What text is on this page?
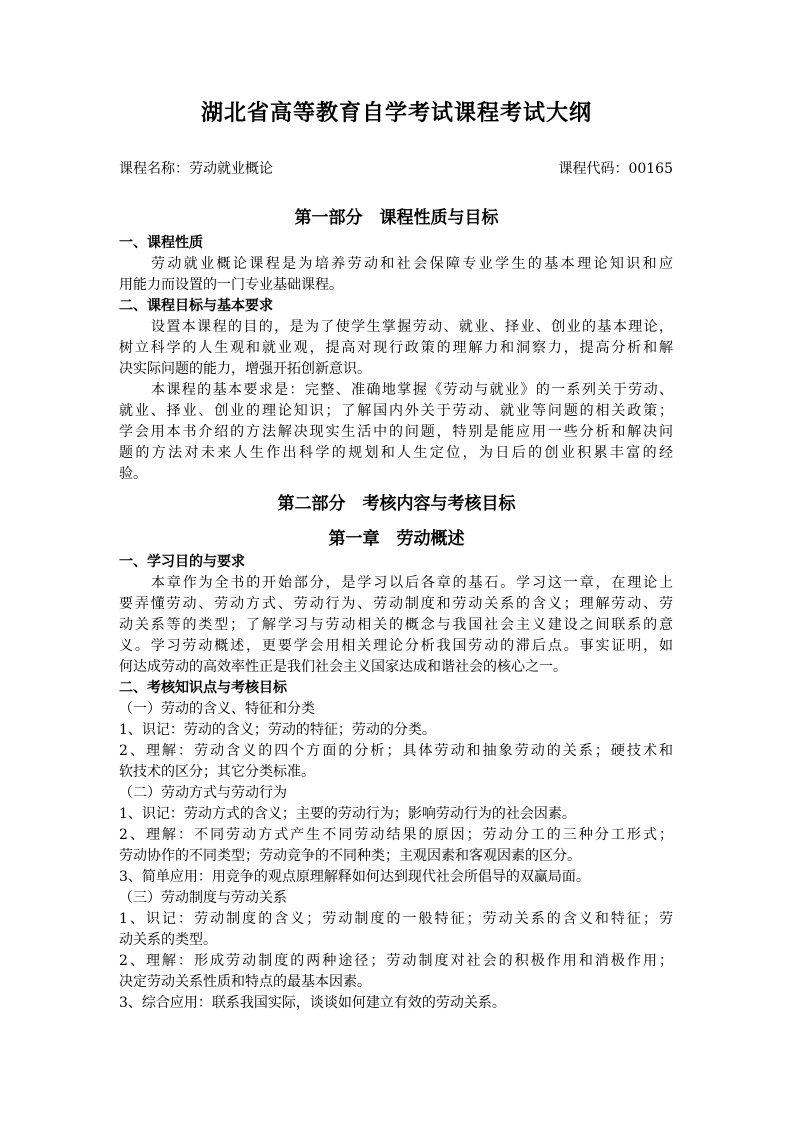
湖北省高等教育自学考试课程考试大纲
课程名称：劳动就业概论	课程代码：00165
第一部分　课程性质与目标
一、课程性质
劳动就业概论课程是为培养劳动和社会保障专业学生的基本理论知识和应
用能力而设置的一门专业基础课程。
二、课程目标与基本要求
设置本课程的目的，是为了使学生掌握劳动、就业、择业、创业的基本理论，
树立科学的人生观和就业观，提高对现行政策的理解力和洞察力，提高分析和解
决实际问题的能力，增强开拓创新意识。
本课程的基本要求是：完整、准确地掌握《劳动与就业》的一系列关于劳动、
就业、择业、创业的理论知识；了解国内外关于劳动、就业等问题的相关政策；
学会用本书介绍的方法解决现实生活中的问题，特别是能应用一些分析和解决问
题的方法对未来人生作出科学的规划和人生定位，为日后的创业积累丰富的经
验。
第二部分　考核内容与考核目标
第一章　劳动概述
一、学习目的与要求
本章作为全书的开始部分，是学习以后各章的基石。学习这一章，在理论上
要弄懂劳动、劳动方式、劳动行为、劳动制度和劳动关系的含义；理解劳动、劳
动关系等的类型；了解学习与劳动相关的概念与我国社会主义建设之间联系的意
义。学习劳动概述，更要学会用相关理论分析我国劳动的滞后点。事实证明，如
何达成劳动的高效率性正是我们社会主义国家达成和谐社会的核心之一。
二、考核知识点与考核目标
（一）劳动的含义、特征和分类
1、识记：劳动的含义；劳动的特征；劳动的分类。
2、理解：劳动含义的四个方面的分析；具体劳动和抽象劳动的关系；硬技术和
软技术的区分；其它分类标准。
（二）劳动方式与劳动行为
1、识记：劳动方式的含义；主要的劳动行为；影响劳动行为的社会因素。
2、理解：不同劳动方式产生不同劳动结果的原因；劳动分工的三种分工形式；
劳动协作的不同类型；劳动竞争的不同种类；主观因素和客观因素的区分。
3、简单应用：用竞争的观点原理解释如何达到现代社会所倡导的双赢局面。
（三）劳动制度与劳动关系
1、识记：劳动制度的含义；劳动制度的一般特征；劳动关系的含义和特征；劳
动关系的类型。
2、理解：形成劳动制度的两种途径；劳动制度对社会的积极作用和消极作用；
决定劳动关系性质和特点的最基本因素。
3、综合应用：联系我国实际，谈谈如何建立有效的劳动关系。
